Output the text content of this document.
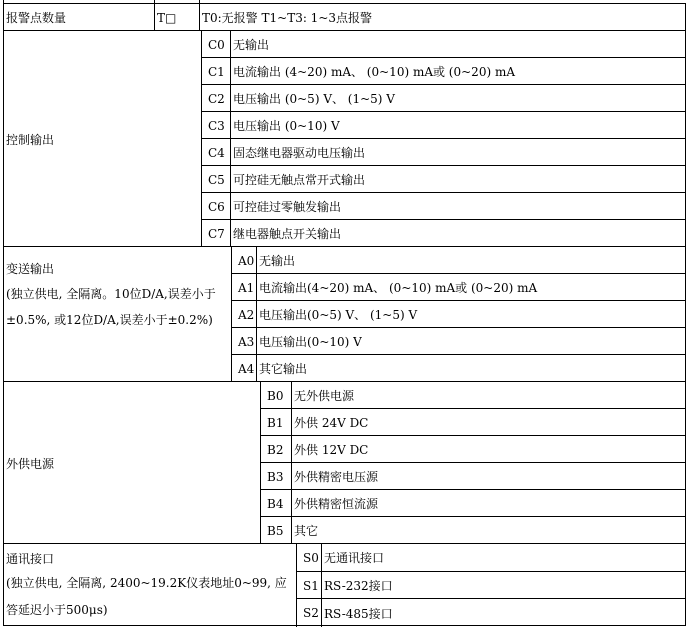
报警点数量	T□	T0:无报警 T1~T3: 1~3点报警
控制输出
C0 无输出
C1 电流输出 (4~20) mA、 (0~10) mA或 (0~20) mA
C2 电压输出 (0~5) V、 (1~5) V
C3 电压输出 (0~10) V
C4 固态继电器驱动电压输出
C5 可控硅无触点常开式输出
C6 可控硅过零触发输出
C7 继电器触点开关输出
变送输出
(独立供电, 全隔离。10位D/A,误差小于±0.5%, 或12位D/A,误差小于±0.2%)
A0 无输出
A1 电流输出(4~20) mA、 (0~10) mA或 (0~20) mA
A2 电压输出(0~5) V、 (1~5) V
A3 电压输出(0~10) V
A4 其它输出
外供电源
B0 无外供电源
B1 外供 24V DC
B2 外供 12V DC
B3 外供精密电压源
B4 外供精密恒流源
B5 其它
通讯接口
(独立供电, 全隔离, 2400~19.2K仪表地址0~99, 应答延迟小于500μs)
S0 无通讯接口
S1 RS-232接口
S2 RS-485接口
